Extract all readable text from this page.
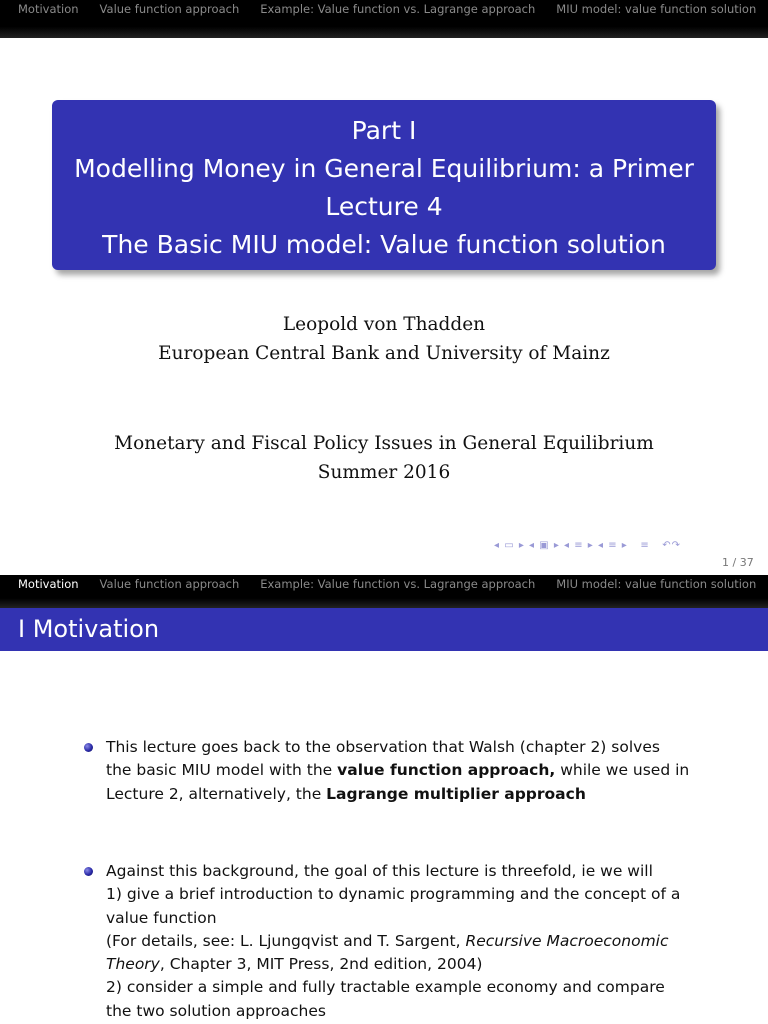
Motivation Value function approach Example: Value function vs. Lagrange approach MIU model: value function solution
Part I
Modelling Money in General Equilibrium: a Primer
Lecture 4
The Basic MIU model: Value function solution
Leopold von Thadden
European Central Bank and University of Mainz
Monetary and Fiscal Policy Issues in General Equilibrium
Summer 2016
◂ ▭ ▸ ◂ ▣ ▸ ◂ ≡ ▸ ◂ ≡ ▸   ≡   ↶↷
1 / 37
Motivation Value function approach Example: Value function vs. Lagrange approach MIU model: value function solution
I Motivation
This lecture goes back to the observation that Walsh (chapter 2) solves
the basic MIU model with the value function approach, while we used in
Lecture 2, alternatively, the Lagrange multiplier approach
Against this background, the goal of this lecture is threefold, ie we will
1) give a brief introduction to dynamic programming and the concept of a
value function
(For details, see: L. Ljungqvist and T. Sargent, Recursive Macroeconomic
Theory, Chapter 3, MIT Press, 2nd edition, 2004)
2) consider a simple and fully tractable example economy and compare
the two solution approaches
